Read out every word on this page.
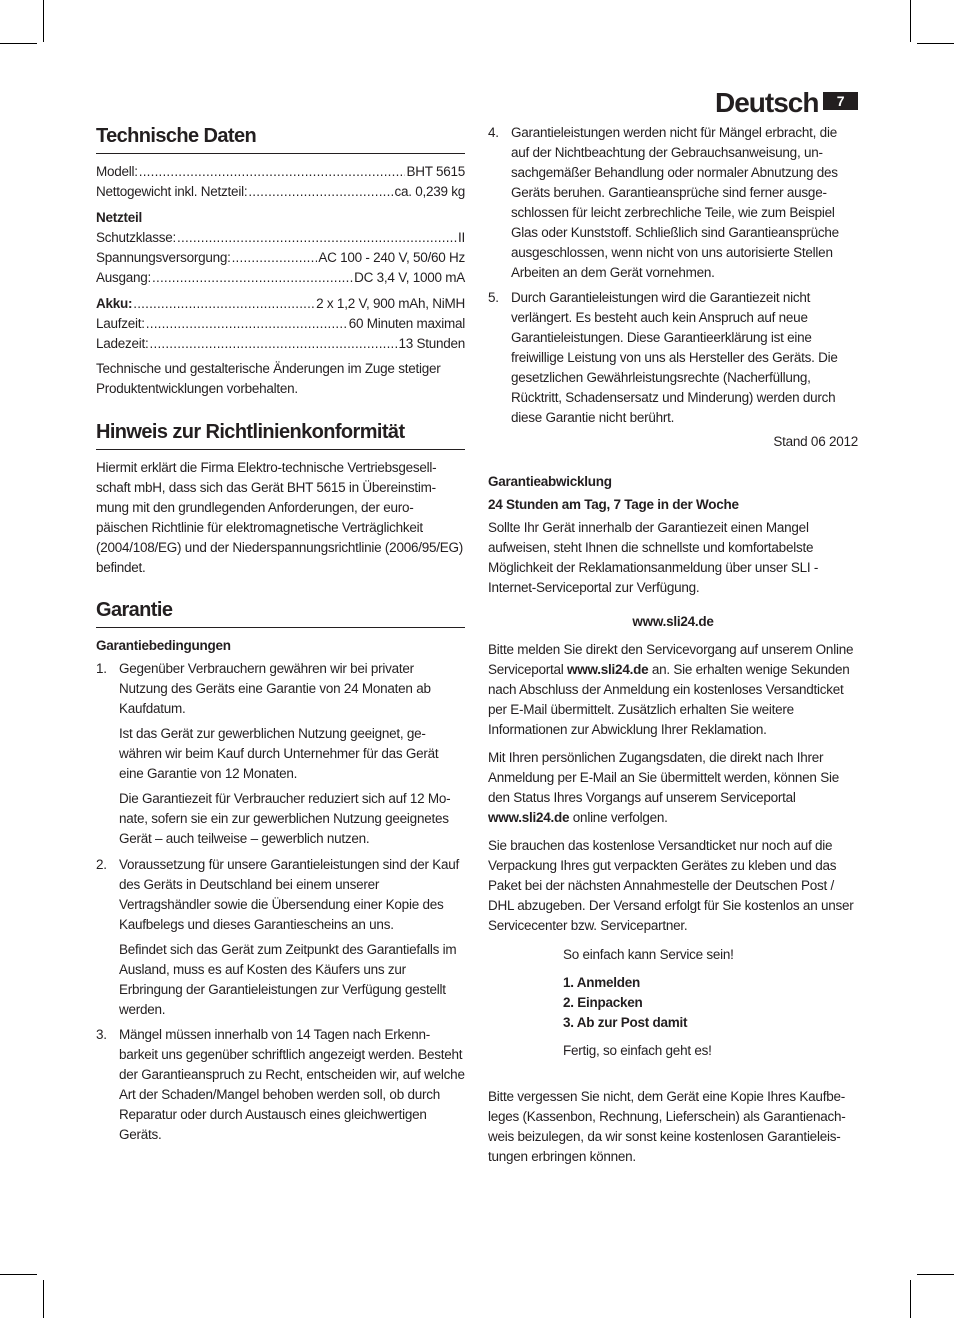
Deutsch	7
Technische Daten
Modell: .....	BHT 5615
Nettogewicht inkl. Netzteil: .....	ca. 0,239 kg
Netzteil
Schutzklasse: .....	II
Spannungsversorgung: .....	AC 100 - 240 V, 50/60 Hz
Ausgang: .....	DC 3,4 V, 1000 mA
Akku: .....	2 x 1,2 V, 900 mAh, NiMH
Laufzeit: .....	60 Minuten maximal
Ladezeit: .....	13 Stunden

Technische und gestalterische Änderungen im Zuge stetiger Produktentwicklungen vorbehalten.

Hinweis zur Richtlinienkonformität

Hiermit erklärt die Firma Elektro-technische Vertriebsgesell-schaft mbH, dass sich das Gerät BHT 5615 in Übereinstim-mung mit den grundlegenden Anforderungen, der euro-päischen Richtlinie für elektromagnetische Verträglichkeit (2004/108/EG) und der Niederspannungsrichtlinie (2006/95/EG) befindet.

Garantie
Garantiebedingungen
1. Gegenüber Verbrauchern gewähren wir bei privater Nutzung des Geräts eine Garantie von 24 Monaten ab Kaufdatum.

Ist das Gerät zur gewerblichen Nutzung geeignet, ge-währen wir beim Kauf durch Unternehmer für das Gerät eine Garantie von 12 Monaten.

Die Garantiezeit für Verbraucher reduziert sich auf 12 Mo-nate, sofern sie ein zur gewerblichen Nutzung geeignetes Gerät – auch teilweise – gewerblich nutzen.

2. Voraussetzung für unsere Garantieleistungen sind der Kauf des Geräts in Deutschland bei einem unserer Vertragshändler sowie die Übersendung einer Kopie des Kaufbelegs und dieses Garantiescheins an uns.

Befindet sich das Gerät zum Zeitpunkt des Garantiefalls im Ausland, muss es auf Kosten des Käufers uns zur Erbringung der Garantieleistungen zur Verfügung gestellt werden.

3. Mängel müssen innerhalb von 14 Tagen nach Erkenn-barkeit uns gegenüber schriftlich angezeigt werden. Besteht der Garantieanspruch zu Recht, entscheiden wir, auf welche Art der Schaden/Mangel behoben werden soll, ob durch Reparatur oder durch Austausch eines gleichwertigen Geräts.

4. Garantieleistungen werden nicht für Mängel erbracht, die auf der Nichtbeachtung der Gebrauchsanweisung, un-sachgemäßer Behandlung oder normaler Abnutzung des Geräts beruhen. Garantieansprüche sind ferner ausge-schlossen für leicht zerbrechliche Teile, wie zum Beispiel Glas oder Kunststoff. Schließlich sind Garantieansprüche ausgeschlossen, wenn nicht von uns autorisierte Stellen Arbeiten an dem Gerät vornehmen.

5. Durch Garantieleistungen wird die Garantiezeit nicht verlängert. Es besteht auch kein Anspruch auf neue Garantieleistungen. Diese Garantieerklärung ist eine freiwillige Leistung von uns als Hersteller des Geräts. Die gesetzlichen Gewährleistungsrechte (Nacherfüllung, Rücktritt, Schadensersatz und Minderung) werden durch diese Garantie nicht berührt.

Stand 06 2012
Garantieabwicklung
24 Stunden am Tag, 7 Tage in der Woche

Sollte Ihr Gerät innerhalb der Garantiezeit einen Mangel aufweisen, steht Ihnen die schnellste und komfortabelste Möglichkeit der Reklamationsanmeldung über unser SLI - Internet-Serviceportal zur Verfügung.

www.sli24.de

Bitte melden Sie direkt den Servicevorgang auf unserem Online Serviceportal www.sli24.de an. Sie erhalten wenige Sekunden nach Abschluss der Anmeldung ein kostenloses Versandticket per E-Mail übermittelt. Zusätzlich erhalten Sie weitere Informationen zur Abwicklung Ihrer Reklamation.

Mit Ihren persönlichen Zugangsdaten, die direkt nach Ihrer Anmeldung per E-Mail an Sie übermittelt werden, können Sie den Status Ihres Vorgangs auf unserem Serviceportal www.sli24.de online verfolgen.

Sie brauchen das kostenlose Versandticket nur noch auf die Verpackung Ihres gut verpackten Gerätes zu kleben und das Paket bei der nächsten Annahmestelle der Deutschen Post / DHL abzugeben. Der Versand erfolgt für Sie kostenlos an unser Servicecenter bzw. Servicepartner.

So einfach kann Service sein!
1. Anmelden
2. Einpacken
3. Ab zur Post damit
Fertig, so einfach geht es!

Bitte vergessen Sie nicht, dem Gerät eine Kopie Ihres Kaufbe-leges (Kassenbon, Rechnung, Lieferschein) als Garantienach-weis beizulegen, da wir sonst keine kostenlosen Garantieleis-tungen erbringen können.
